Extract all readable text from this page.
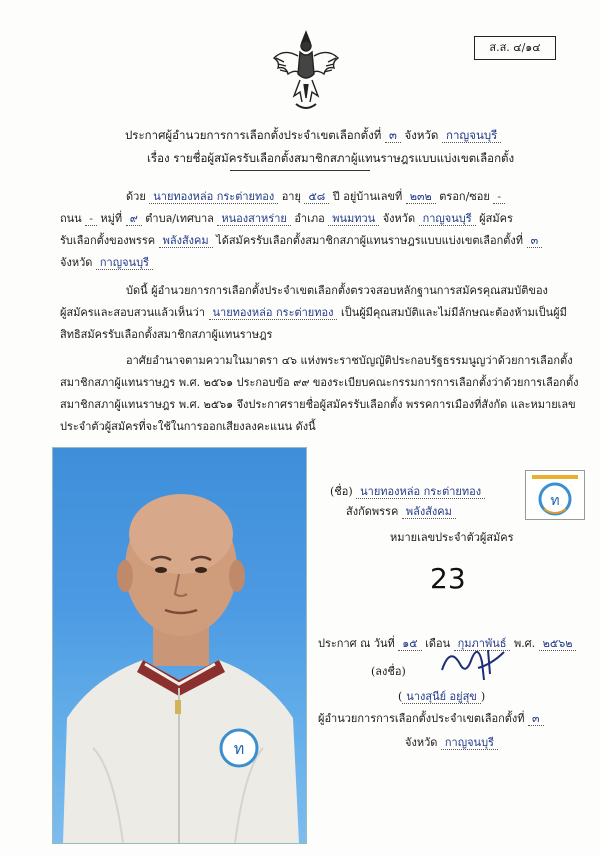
ส.ส. ๔/๑๔
ประกาศผู้อำนวยการการเลือกตั้งประจำเขตเลือกตั้งที่ ๓ จังหวัด กาญจนบุรี
เรื่อง รายชื่อผู้สมัครรับเลือกตั้งสมาชิกสภาผู้แทนราษฎรแบบแบ่งเขตเลือกตั้ง
ด้วย นายทองหล่อ กระต่ายทอง อายุ ๕๘ ปี อยู่บ้านเลขที่ ๒๓๒ ตรอก/ซอย -
ถนน - หมู่ที่ ๙ ตำบล/เทศบาล หนองสาหร่าย อำเภอ พนมทวน จังหวัด กาญจนบุรี ผู้สมัคร
รับเลือกตั้งของพรรค พลังสังคม ได้สมัครรับเลือกตั้งสมาชิกสภาผู้แทนราษฎรแบบแบ่งเขตเลือกตั้งที่ ๓
จังหวัด กาญจนบุรี
บัดนี้ ผู้อำนวยการการเลือกตั้งประจำเขตเลือกตั้งตรวจสอบหลักฐานการสมัครคุณสมบัติของ
ผู้สมัครและสอบสวนแล้วเห็นว่า นายทองหล่อ กระต่ายทอง เป็นผู้มีคุณสมบัติและไม่มีลักษณะต้องห้ามเป็นผู้มี
สิทธิสมัครรับเลือกตั้งสมาชิกสภาผู้แทนราษฎร
อาศัยอำนาจตามความในมาตรา ๔๖ แห่งพระราชบัญญัติประกอบรัฐธรรมนูญว่าด้วยการเลือกตั้ง
สมาชิกสภาผู้แทนราษฎร พ.ศ. ๒๕๖๑ ประกอบข้อ ๙๙ ของระเบียบคณะกรรมการการเลือกตั้งว่าด้วยการเลือกตั้ง
สมาชิกสภาผู้แทนราษฎร พ.ศ. ๒๕๖๑ จึงประกาศรายชื่อผู้สมัครรับเลือกตั้ง พรรคการเมืองที่สังกัด และหมายเลข
ประจำตัวผู้สมัครที่จะใช้ในการออกเสียงลงคะแนน ดังนี้
ท
(ชื่อ) นายทองหล่อ กระต่ายทอง
สังกัดพรรค พลังสังคม
หมายเลขประจำตัวผู้สมัคร
23
ท
ประกาศ ณ วันที่ ๑๕ เดือน กุมภาพันธ์ พ.ศ. ๒๕๖๒
(ลงชื่อ)
( นางสุนีย์ อยู่สุข )
ผู้อำนวยการการเลือกตั้งประจำเขตเลือกตั้งที่ ๓
จังหวัด กาญจนบุรี
